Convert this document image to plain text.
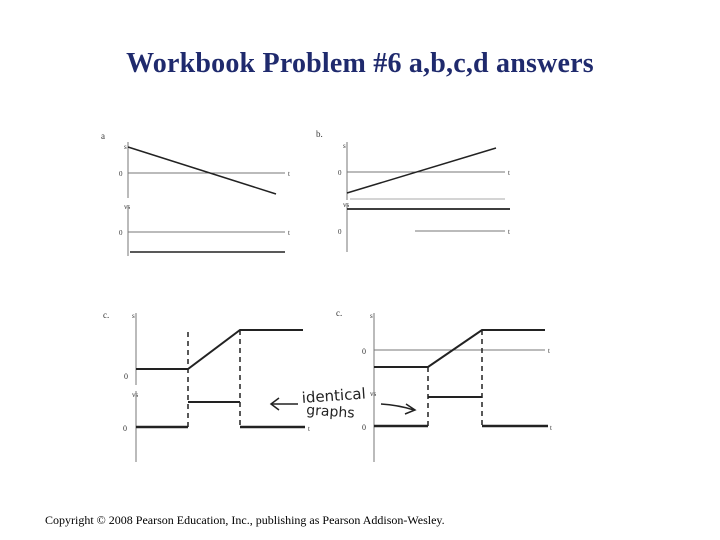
Workbook Problem #6 a,b,c,d answers
a
s
0	t
vs
0	t
b.
s
0	t
vs
0	t
c.	s
0
vs
0	t
c.	s
0	t
vs
0	t
identical
graphs
Copyright © 2008 Pearson Education, Inc., publishing as Pearson Addison-Wesley.
